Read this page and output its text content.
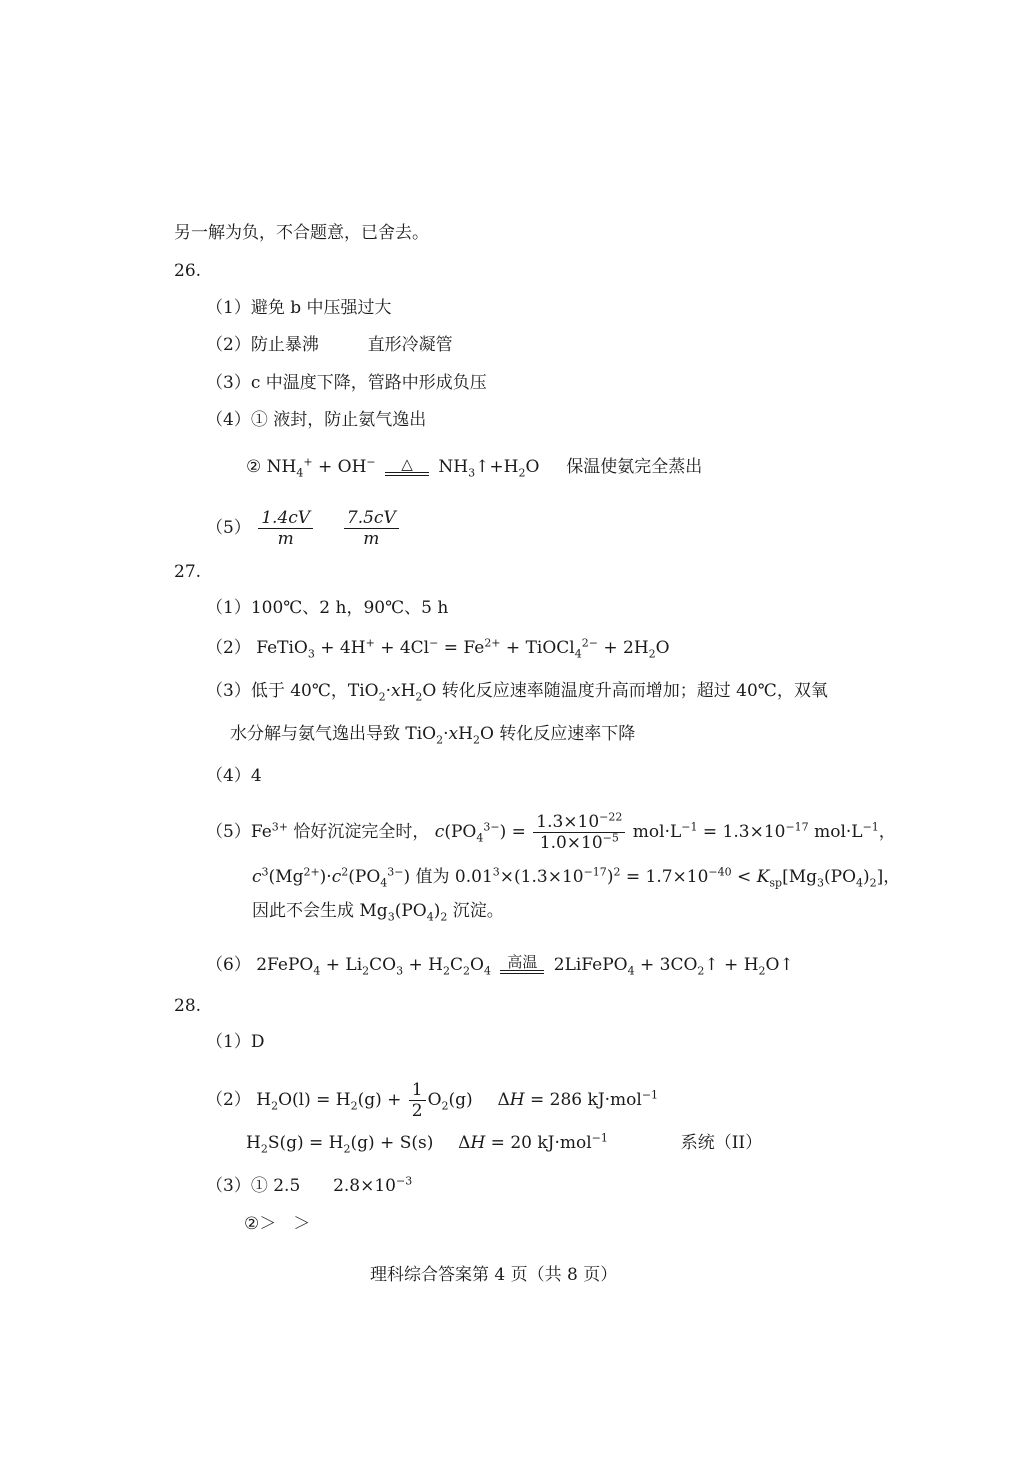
另一解为负，不合题意，已舍去。
26.
（1）避免 b 中压强过大
（2）防止暴沸	直形冷凝管
（3）c 中温度下降，管路中形成负压
（4）① 液封，防止氨气逸出
② $NH_4^+ + OH^-$	△	$NH_3↑+H_2O$  保温使氨完全蒸出
$(5) \frac{1.4cV}{m}$
$\frac{7.5cV}{m}$
27.
（1）100℃、2 h，90℃、5 h
（2） FeTiO$_3$ + $4H^+ + 4Cl^- = Fe^{2+}$ + TiOCl$_4^{2-}$ + $2H_2O$
（3）低于 40℃，$TiO_2\cdot xH_2O$ 转化反应速率随温度升高而增加；超过 40℃，双氧
水分解与氨气逸出导致 $TiO_2\cdot xH_2O$ 转化反应速率下降
（4）4
$(5)Fe^{3+}$ 恰好沉淀完全时， $c(PO_4^{3-}) = \frac{1.3\times 10^{-22}}{1.0\times 10^{-5}} mol\cdot L^{-1} = 1.3\times 10^{-17}$ $mol\cdot L^{-1}$，
$c^3(Mg^{2+})\cdot c^2(PO_4^{3-})$ 值为 $0.01^3\times(1.3\times 10^{-17})^2 = 1.7\times 10^{-40} < K_{sp}[Mg_3(PO_4)_2]$，
因此不会生成 $Mg_3(PO_4)_2$ 沉淀。
（6） 2FePO$_4$ + $Li_2CO_3 + H_2C_2O_4$	高温 2LiFePO$_4$ + $3CO_2↑$ + $H_2O↑$
28.
（1）D
（2） $H_2O(l) = H_2(g) + \frac{1}{2} O_2(g) \Delta H = 286$ kJ·mol$^{-1}$
$H_2S(g) = H_2(g) + S(s) \Delta H = 20$ kJ·mol$^{-1}$	系统（II）
（3）① 2.5 $2.8\times 10^{-3}$
②＞　＞
理科综合答案第 4 页（共 8 页）
